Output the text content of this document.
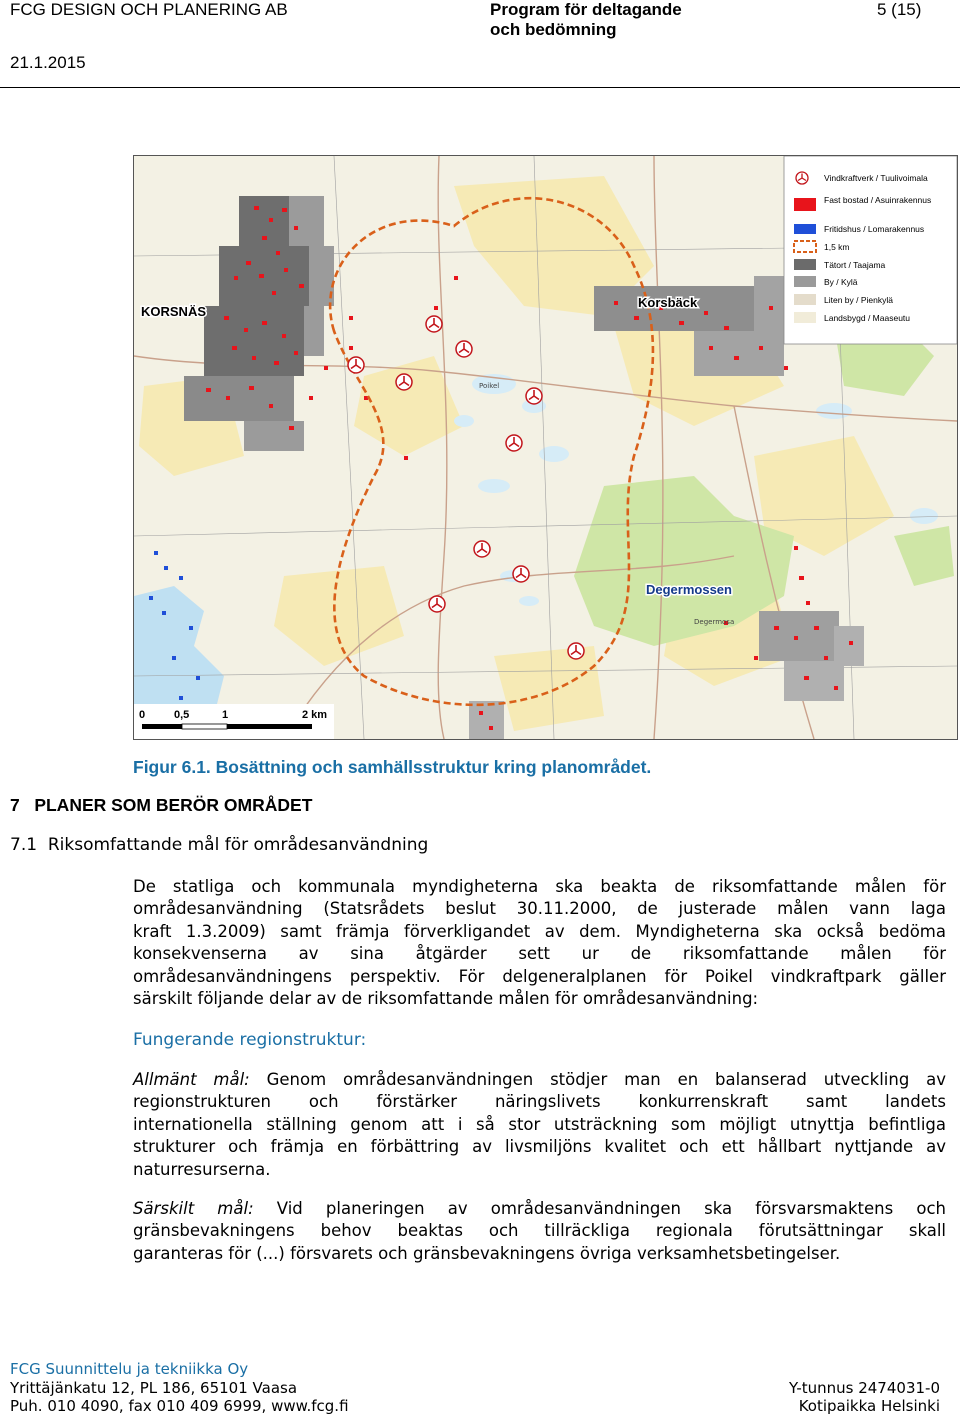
FCG DESIGN OCH PLANERING AB
21.1.2015
Program för deltagande
och bedömning
5 (15)
KORSNÄS
Korsbäck
Degermossen
Poikel
Degermosa
Vindkraftverk / Tuulivoimala
Fast bostad / Asuinrakennus
Fritidshus / Lomarakennus
1,5 km
Tätort / Taajama
By / Kylä
Liten by / Pienkylä
Landsbygd / Maaseutu
0	0,5	1	2 km
Figur 6.1. Bosättning och samhällsstruktur kring planområdet.
7   PLANER SOM BERÖR OMRÅDET
7.1  Riksomfattande mål för områdesanvändning
De statliga och kommunala myndigheterna ska beakta de riksomfattande målen för
områdesanvändning (Statsrådets beslut 30.11.2000, de justerade målen vann laga
kraft 1.3.2009) samt främja förverkligandet av dem. Myndigheterna ska också bedöma
konsekvenserna av sina åtgärder sett ur de riksomfattande målen för
områdesanvändningens perspektiv. För delgeneralplanen för Poikel vindkraftpark gäller
särskilt följande delar av de riksomfattande målen för områdesanvändning:
Fungerande regionstruktur:
Allmänt mål: Genom områdesanvändningen stödjer man en balanserad utveckling av
regionstrukturen och förstärker näringslivets konkurrenskraft samt landets
internationella ställning genom att i så stor utsträckning som möjligt utnyttja befintliga
strukturer och främja en förbättring av livsmiljöns kvalitet och ett hållbart nyttjande av
naturresurserna.
Särskilt mål: Vid planeringen av områdesanvändningen ska försvarsmaktens och
gränsbevakningens behov beaktas och tillräckliga regionala förutsättningar skall
garanteras för (...) försvarets och gränsbevakningens övriga verksamhetsbetingelser.
FCG Suunnittelu ja tekniikka Oy
Yrittäjänkatu 12, PL 186, 65101 Vaasa
Puh. 010 4090, fax 010 409 6999, www.fcg.fi
Y-tunnus 2474031-0
Kotipaikka Helsinki
